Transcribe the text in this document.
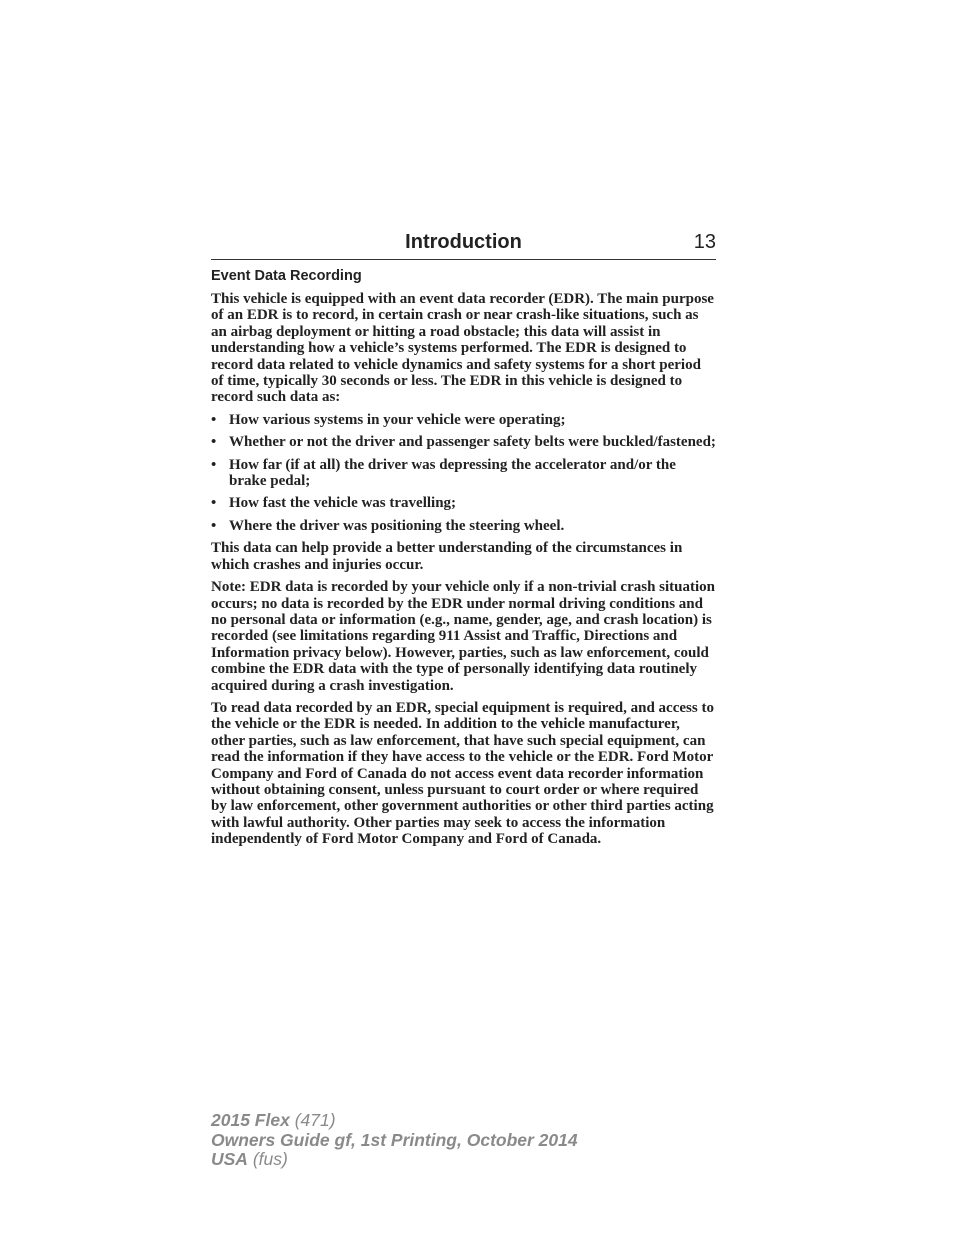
Introduction	13
Event Data Recording

This vehicle is equipped with an event data recorder (EDR). The main purpose of an EDR is to record, in certain crash or near crash-like situations, such as an airbag deployment or hitting a road obstacle; this data will assist in understanding how a vehicle’s systems performed. The EDR is designed to record data related to vehicle dynamics and safety systems for a short period of time, typically 30 seconds or less. The EDR in this vehicle is designed to record such data as:

• How various systems in your vehicle were operating;
• Whether or not the driver and passenger safety belts were buckled/fastened;
• How far (if at all) the driver was depressing the accelerator and/or the brake pedal;
• How fast the vehicle was travelling;
• Where the driver was positioning the steering wheel.

This data can help provide a better understanding of the circumstances in which crashes and injuries occur.

Note: EDR data is recorded by your vehicle only if a non-trivial crash situation occurs; no data is recorded by the EDR under normal driving conditions and no personal data or information (e.g., name, gender, age, and crash location) is recorded (see limitations regarding 911 Assist and Traffic, Directions and Information privacy below). However, parties, such as law enforcement, could combine the EDR data with the type of personally identifying data routinely acquired during a crash investigation.

To read data recorded by an EDR, special equipment is required, and access to the vehicle or the EDR is needed. In addition to the vehicle manufacturer, other parties, such as law enforcement, that have such special equipment, can read the information if they have access to the vehicle or the EDR. Ford Motor Company and Ford of Canada do not access event data recorder information without obtaining consent, unless pursuant to court order or where required by law enforcement, other government authorities or other third parties acting with lawful authority. Other parties may seek to access the information independently of Ford Motor Company and Ford of Canada.

2015 Flex (471)
Owners Guide gf, 1st Printing, October 2014
USA (fus)
